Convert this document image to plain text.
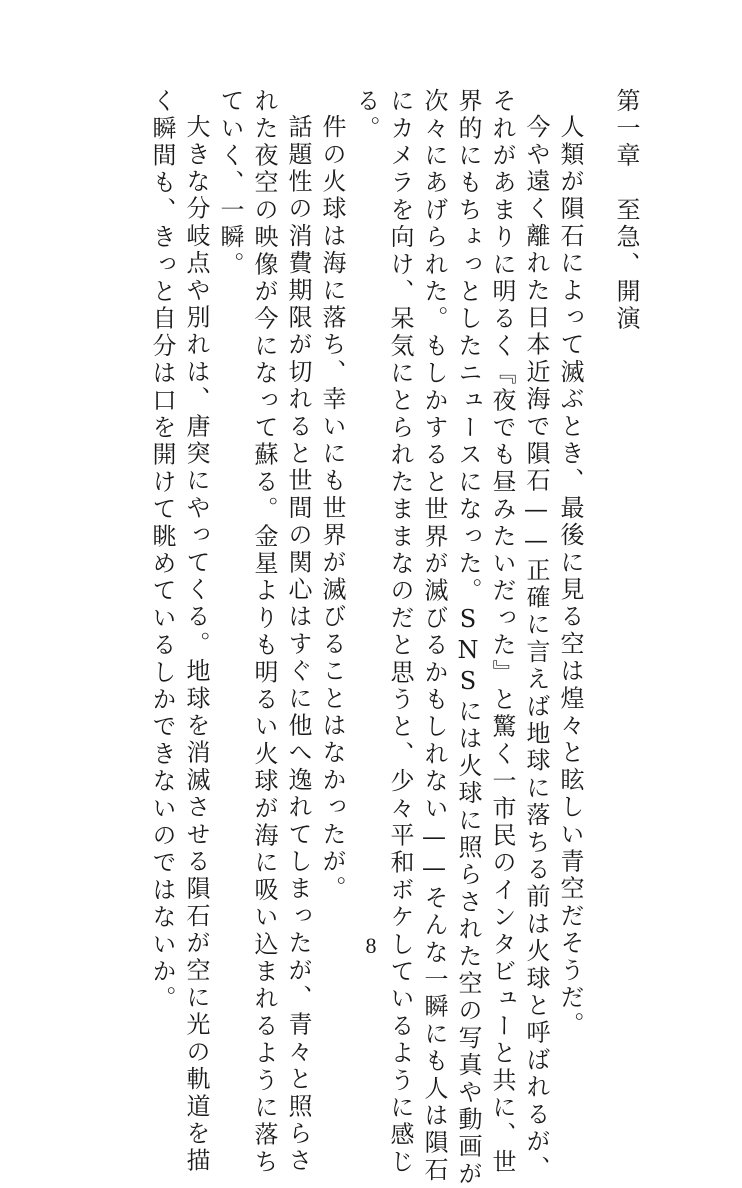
第一章　至急、開演
人類が隕石によって滅ぶとき、最後に見る空は煌々と眩しい青空だそうだ。
今や遠く離れた日本近海で隕石——正確に言えば地球に落ちる前は火球と呼ばれるが、
それがあまりに明るく『夜でも昼みたいだった』と驚く一市民のインタビューと共に、世
界的にもちょっとしたニュースになった。SNSには火球に照らされた空の写真や動画が
次々にあげられた。もしかすると世界が滅びるかもしれない——そんな一瞬にも人は隕石
にカメラを向け、呆気にとられたままなのだと思うと、少々平和ボケしているように感じ
る。
件の火球は海に落ち、幸いにも世界が滅びることはなかったが。
話題性の消費期限が切れると世間の関心はすぐに他へ逸れてしまったが、青々と照らさ
れた夜空の映像が今になって蘇る。金星よりも明るい火球が海に吸い込まれるように落ち
ていく、一瞬。
大きな分岐点や別れは、唐突にやってくる。地球を消滅させる隕石が空に光の軌道を描
く瞬間も、きっと自分は口を開けて眺めているしかできないのではないか。	8
